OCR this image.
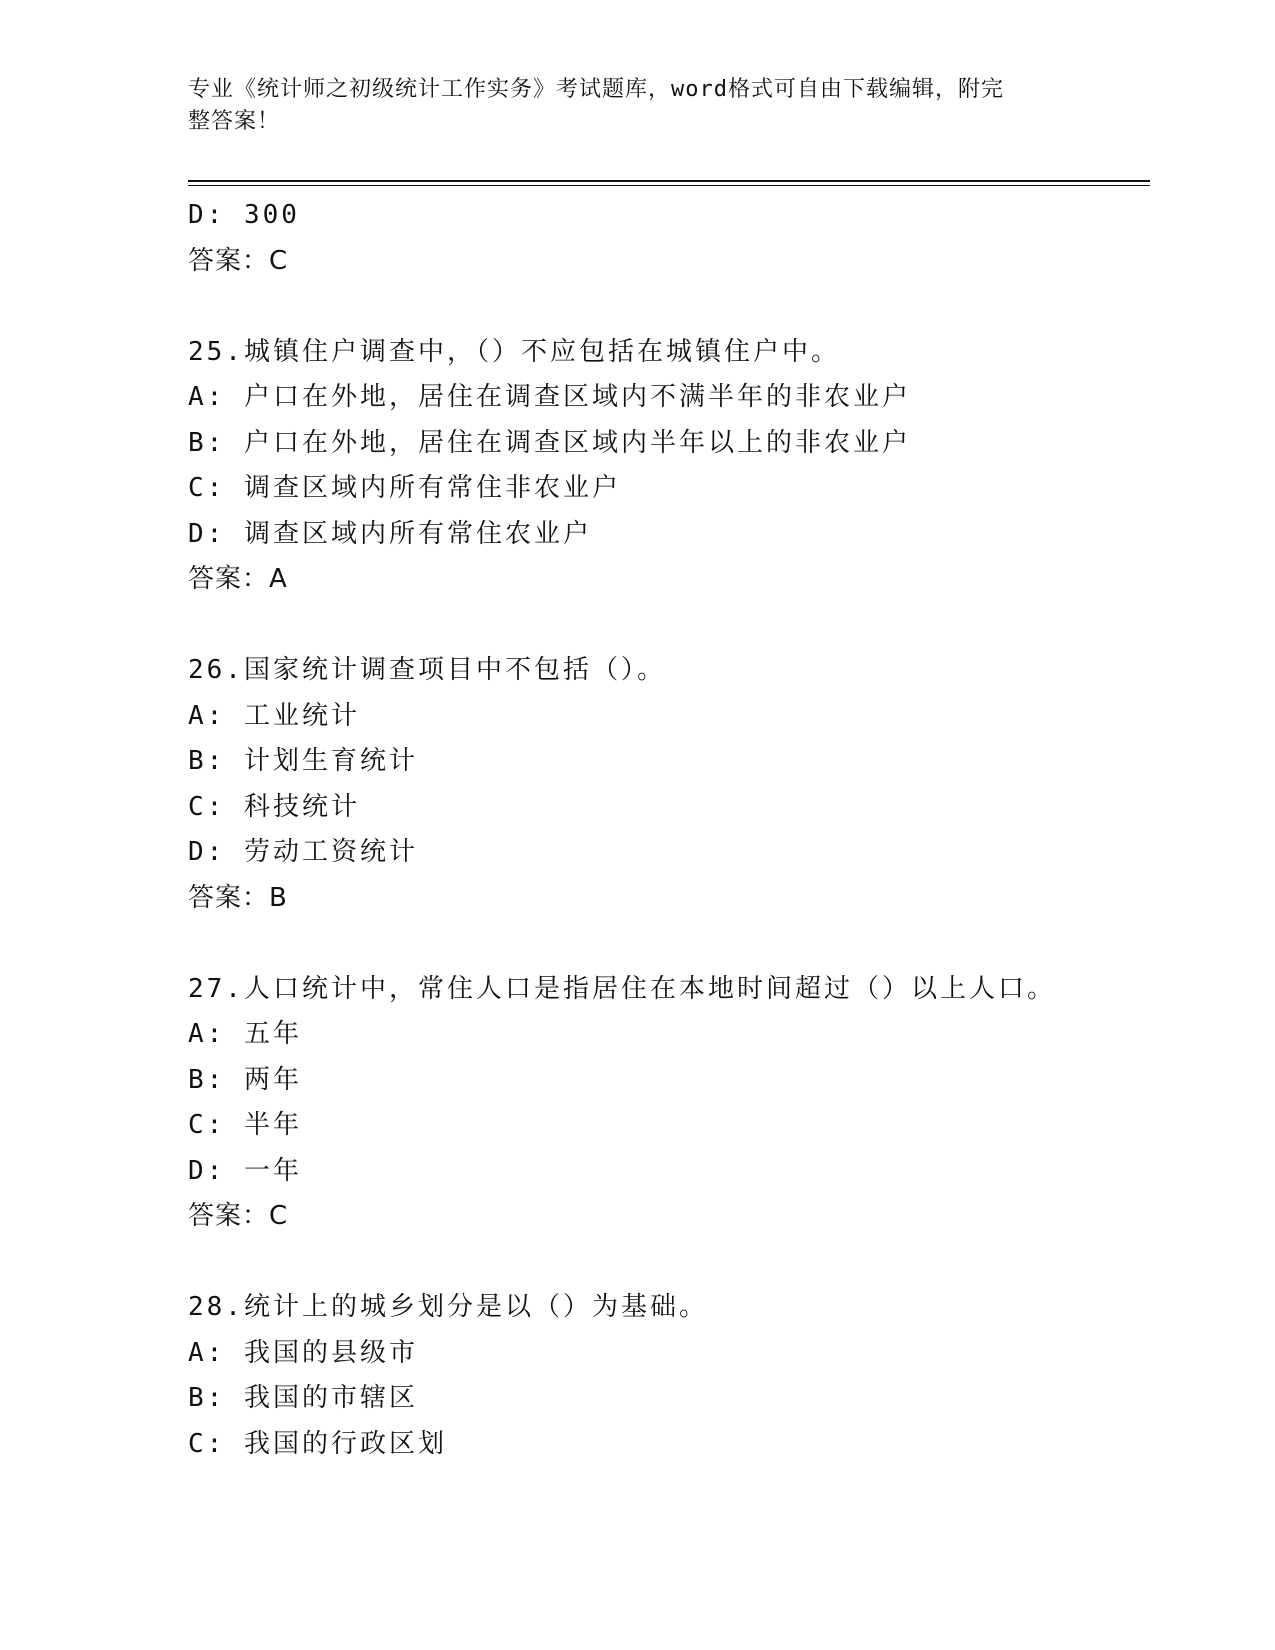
专业《统计师之初级统计工作实务》考试题库，word格式可自由下载编辑，附完
整答案！
D: 300
答案：C
25.城镇住户调查中，（）不应包括在城镇住户中。
A: 户口在外地，居住在调查区域内不满半年的非农业户
B: 户口在外地，居住在调查区域内半年以上的非农业户
C: 调查区域内所有常住非农业户
D: 调查区域内所有常住农业户
答案：A
26.国家统计调查项目中不包括（）。
A: 工业统计
B: 计划生育统计
C: 科技统计
D: 劳动工资统计
答案：B
27.人口统计中，常住人口是指居住在本地时间超过（）以上人口。
A: 五年
B: 两年
C: 半年
D: 一年
答案：C
28.统计上的城乡划分是以（）为基础。
A: 我国的县级市
B: 我国的市辖区
C: 我国的行政区划
